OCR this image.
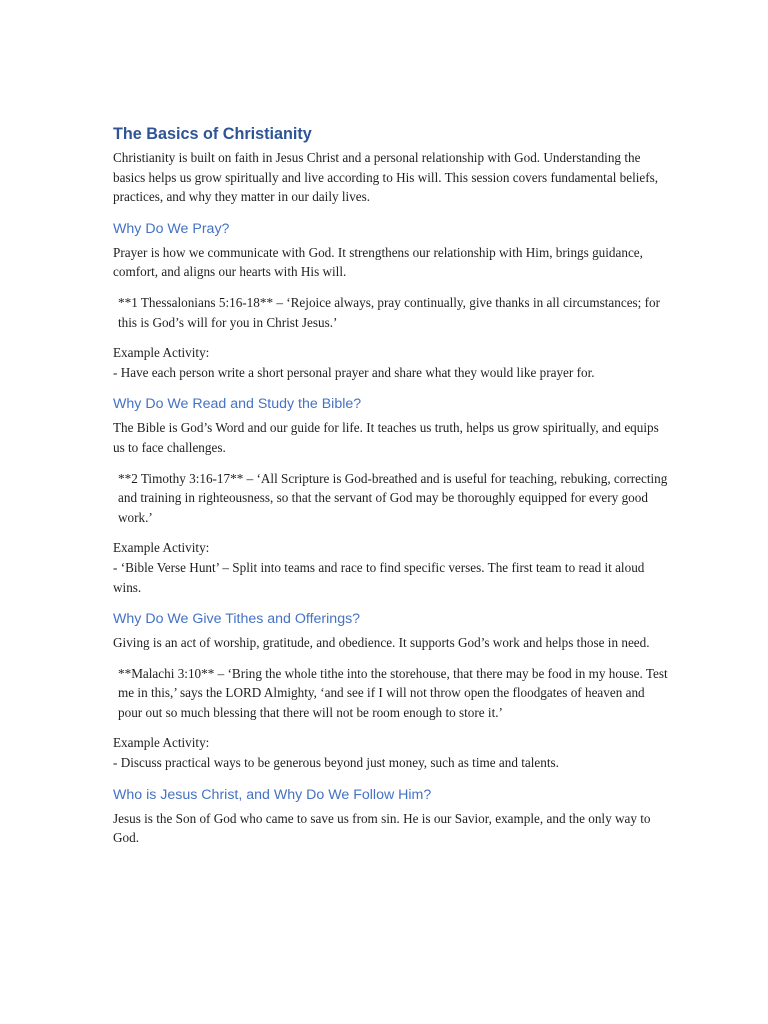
The Basics of Christianity

Christianity is built on faith in Jesus Christ and a personal relationship with God. Understanding the basics helps us grow spiritually and live according to His will. This session covers fundamental beliefs, practices, and why they matter in our daily lives.

Why Do We Pray?

Prayer is how we communicate with God. It strengthens our relationship with Him, brings guidance, comfort, and aligns our hearts with His will.

**1 Thessalonians 5:16-18** – ‘Rejoice always, pray continually, give thanks in all circumstances; for this is God’s will for you in Christ Jesus.’

Example Activity:

- Have each person write a short personal prayer and share what they would like prayer for.

Why Do We Read and Study the Bible?

The Bible is God’s Word and our guide for life. It teaches us truth, helps us grow spiritually, and equips us to face challenges.

**2 Timothy 3:16-17** – ‘All Scripture is God-breathed and is useful for teaching, rebuking, correcting and training in righteousness, so that the servant of God may be thoroughly equipped for every good work.’

Example Activity:

- ‘Bible Verse Hunt’ – Split into teams and race to find specific verses. The first team to read it aloud wins.

Why Do We Give Tithes and Offerings?

Giving is an act of worship, gratitude, and obedience. It supports God’s work and helps those in need.

**Malachi 3:10** – ‘Bring the whole tithe into the storehouse, that there may be food in my house. Test me in this,’ says the LORD Almighty, ‘and see if I will not throw open the floodgates of heaven and pour out so much blessing that there will not be room enough to store it.’

Example Activity:

- Discuss practical ways to be generous beyond just money, such as time and talents.

Who is Jesus Christ, and Why Do We Follow Him?

Jesus is the Son of God who came to save us from sin. He is our Savior, example, and the only way to God.
